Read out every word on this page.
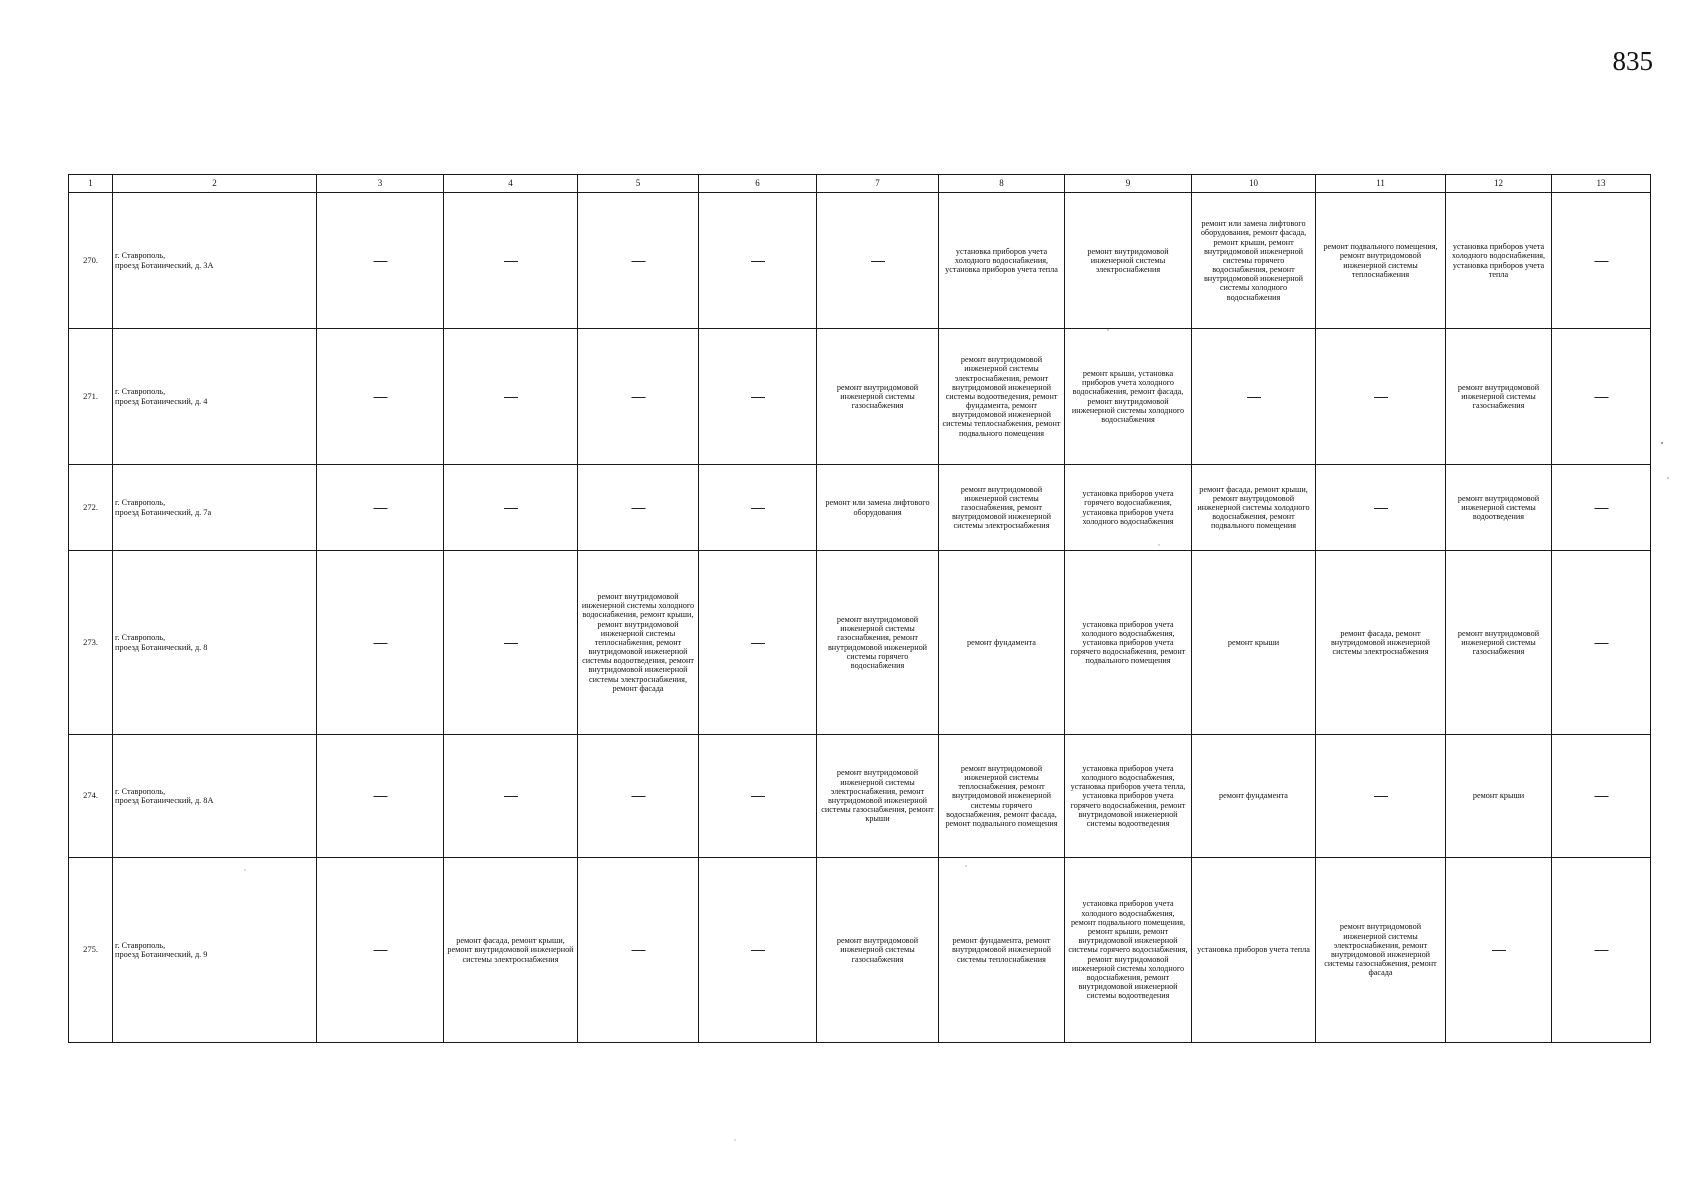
835
1	2	3	4	5	6	7	8	9	10	11	12	13
270.	г. Ставрополь,
проезд Ботанический, д. 3А	—	—	—	—	—	установка приборов учета холодного водоснабжения, установка приборов учета тепла	ремонт внутридомовой инженерной системы электроснабжения	ремонт или замена лифтового оборудования, ремонт фасада, ремонт крыши, ремонт внутридомовой инженерной системы горячего водоснабжения, ремонт внутридомовой инженерной системы холодного водоснабжения	ремонт подвального помещения, ремонт внутридомовой инженерной системы теплоснабжения	установка приборов учета холодного водоснабжения, установка приборов учета тепла	—
271.	г. Ставрополь,
проезд Ботанический, д. 4	—	—	—	—	ремонт внутридомовой инженерной системы газоснабжения	ремонт внутридомовой инженерной системы электроснабжения, ремонт внутридомовой инженерной системы водоотведения, ремонт фундамента, ремонт внутридомовой инженерной системы теплоснабжения, ремонт подвального помещения	ремонт крыши, установка приборов учета холодного водоснабжения, ремонт фасада, ремонт внутридомовой инженерной системы холодного водоснабжения	—	—	ремонт внутридомовой инженерной системы газоснабжения	—
272.	г. Ставрополь,
проезд Ботанический, д. 7а	—	—	—	—	ремонт или замена лифтового оборудования	ремонт внутридомовой инженерной системы газоснабжения, ремонт внутридомовой инженерной системы электроснабжения	установка приборов учета горячего водоснабжения, установка приборов учета холодного водоснабжения	ремонт фасада, ремонт крыши, ремонт внутридомовой инженерной системы холодного водоснабжения, ремонт подвального помещения	—	ремонт внутридомовой инженерной системы водоотведения	—
273.	г. Ставрополь,
проезд Ботанический, д. 8	—	—	ремонт внутридомовой инженерной системы холодного водоснабжения, ремонт крыши, ремонт внутридомовой инженерной системы теплоснабжения, ремонт внутридомовой инженерной системы водоотведения, ремонт внутридомовой инженерной системы электроснабжения, ремонт фасада	—	ремонт внутридомовой инженерной системы газоснабжения, ремонт внутридомовой инженерной системы горячего водоснабжения	ремонт фундамента	установка приборов учета холодного водоснабжения, установка приборов учета горячего водоснабжения, ремонт подвального помещения	ремонт крыши	ремонт фасада, ремонт внутридомовой инженерной системы электроснабжения	ремонт внутридомовой инженерной системы газоснабжения	—
274.	г. Ставрополь,
проезд Ботанический, д. 8А	—	—	—	—	ремонт внутридомовой инженерной системы электроснабжения, ремонт внутридомовой инженерной системы газоснабжения, ремонт крыши	ремонт внутридомовой инженерной системы теплоснабжения, ремонт внутридомовой инженерной системы горячего водоснабжения, ремонт фасада, ремонт подвального помещения	установка приборов учета холодного водоснабжения, установка приборов учета тепла, установка приборов учета горячего водоснабжения, ремонт внутридомовой инженерной системы водоотведения	ремонт фундамента	—	ремонт крыши	—
275.	г. Ставрополь,
проезд Ботанический, д. 9	—	ремонт фасада, ремонт крыши, ремонт внутридомовой инженерной системы электроснабжения	—	—	ремонт внутридомовой инженерной системы газоснабжения	ремонт фундамента, ремонт внутридомовой инженерной системы теплоснабжения	установка приборов учета холодного водоснабжения, ремонт подвального помещения, ремонт крыши, ремонт внутридомовой инженерной системы горячего водоснабжения, ремонт внутридомовой инженерной системы холодного водоснабжения, ремонт внутридомовой инженерной системы водоотведения	установка приборов учета тепла	ремонт внутридомовой инженерной системы электроснабжения, ремонт внутридомовой инженерной системы газоснабжения, ремонт фасада	—	—
